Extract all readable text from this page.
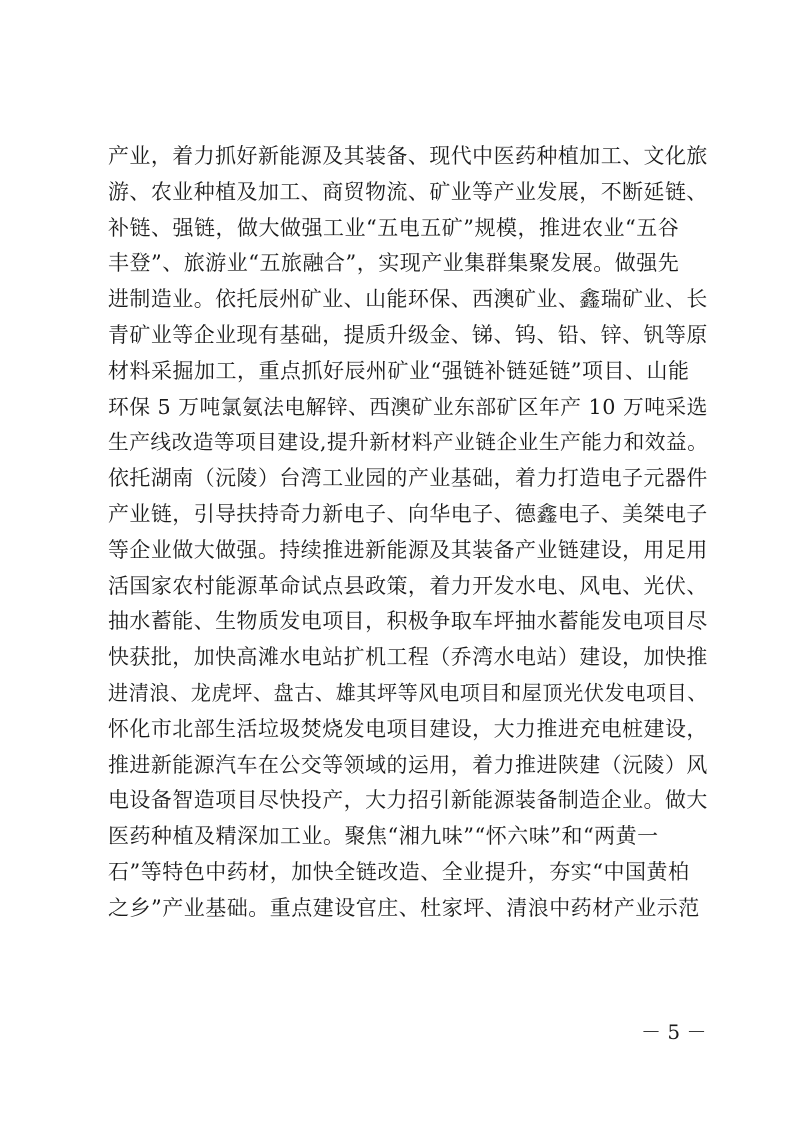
产业，着力抓好新能源及其装备、现代中医药种植加工、文化旅
游、农业种植及加工、商贸物流、矿业等产业发展，不断延链、
补链、强链，做大做强工业“五电五矿”规模，推进农业“五谷
丰登”、旅游业“五旅融合”，实现产业集群集聚发展。做强先
进制造业。依托辰州矿业、山能环保、西澳矿业、鑫瑞矿业、长
青矿业等企业现有基础，提质升级金、锑、钨、铅、锌、钒等原
材料采掘加工，重点抓好辰州矿业“强链补链延链”项目、山能
环保 5 万吨氯氨法电解锌、西澳矿业东部矿区年产 10 万吨采选
生产线改造等项目建设,提升新材料产业链企业生产能力和效益。
依托湖南（沅陵）台湾工业园的产业基础，着力打造电子元器件
产业链，引导扶持奇力新电子、向华电子、德鑫电子、美桀电子
等企业做大做强。持续推进新能源及其装备产业链建设，用足用
活国家农村能源革命试点县政策，着力开发水电、风电、光伏、
抽水蓄能、生物质发电项目，积极争取车坪抽水蓄能发电项目尽
快获批，加快高滩水电站扩机工程（乔湾水电站）建设，加快推
进清浪、龙虎坪、盘古、雄其坪等风电项目和屋顶光伏发电项目、
怀化市北部生活垃圾焚烧发电项目建设，大力推进充电桩建设，
推进新能源汽车在公交等领域的运用，着力推进陕建（沅陵）风
电设备智造项目尽快投产，大力招引新能源装备制造企业。做大
医药种植及精深加工业。聚焦“湘九味”“怀六味”和“两黄一
石”等特色中药材，加快全链改造、全业提升，夯实“中国黄柏
之乡”产业基础。重点建设官庄、杜家坪、清浪中药材产业示范
－ 5 －
